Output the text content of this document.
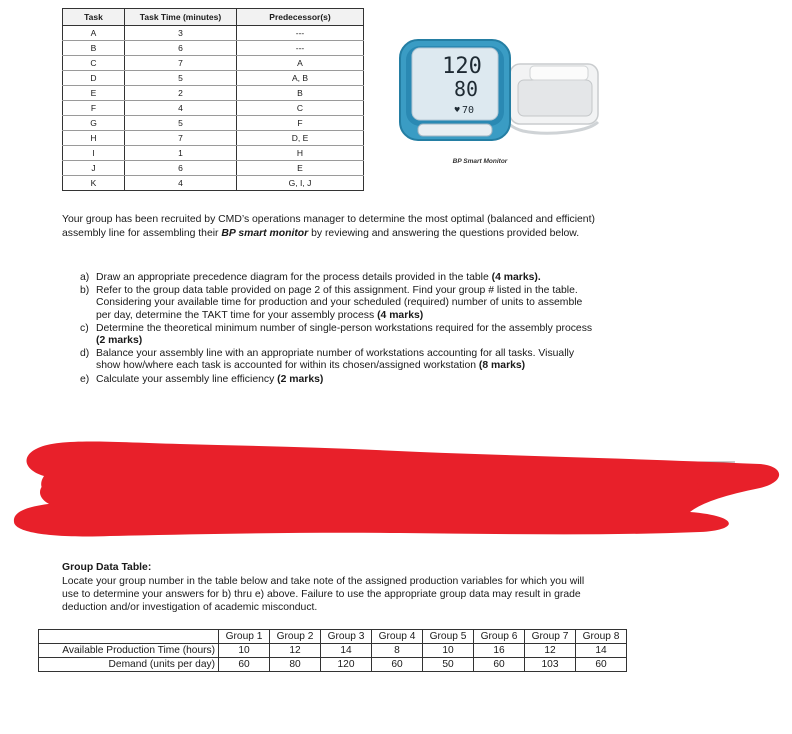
Task	Task Time (minutes)	Predecessor(s)
A	3	---
B	6	---
C	7	A
D	5	A, B
E	2	B
F	4	C
G	5	F
H	7	D, E
I	1	H
J	6	E
K	4	G, I, J
120
80
♥ 70
BP Smart Monitor
Your group has been recruited by CMD’s operations manager to determine the most optimal (balanced and efficient) assembly line for assembling their BP smart monitor by reviewing and answering the questions provided below.
a) Draw an appropriate precedence diagram for the process details provided in the table (4 marks).
b) Refer to the group data table provided on page 2 of this assignment. Find your group # listed in the table. Considering your available time for production and your scheduled (required) number of units to assemble per day, determine the TAKT time for your assembly process (4 marks)
c) Determine the theoretical minimum number of single-person workstations required for the assembly process (2 marks)
d) Balance your assembly line with an appropriate number of workstations accounting for all tasks. Visually show how/where each task is accounted for within its chosen/assigned workstation (8 marks)
e) Calculate your assembly line efficiency (2 marks)
Group Data Table:
Locate your group number in the table below and take note of the assigned production variables for which you will use to determine your answers for b) thru e) above. Failure to use the appropriate group data may result in grade deduction and/or investigation of academic misconduct.
	Group 1	Group 2	Group 3	Group 4	Group 5	Group 6	Group 7	Group 8
Available Production Time (hours)	10	12	14	8	10	16	12	14
Demand (units per day)	60	80	120	60	50	60	103	60
